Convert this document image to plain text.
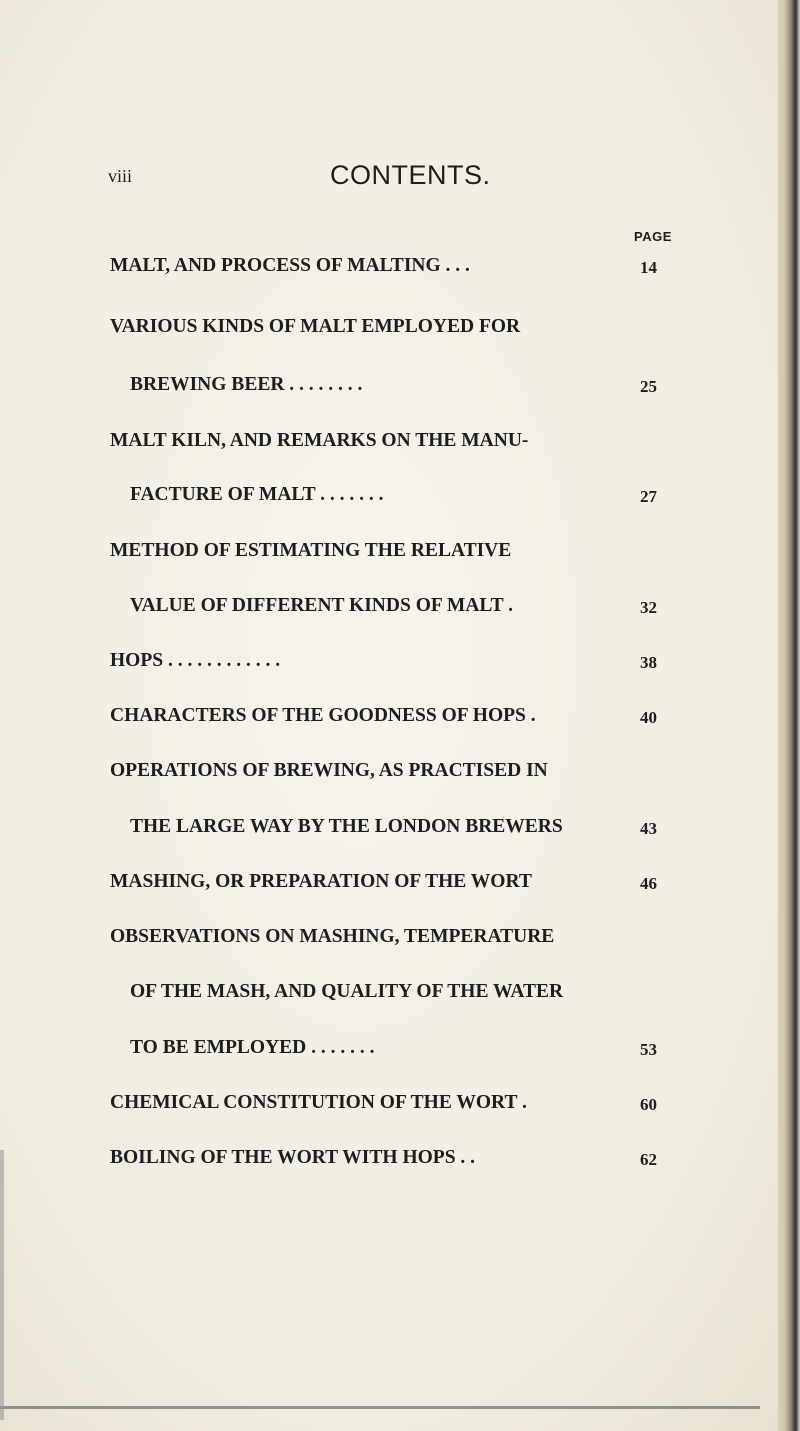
viii	CONTENTS.
PAGE
MALT, AND PROCESS OF MALTING . . .	14
VARIOUS KINDS OF MALT EMPLOYED FOR
BREWING BEER . . . . . . . .	25
MALT KILN, AND REMARKS ON THE MANU-
FACTURE OF MALT . . . . . . .	27
METHOD OF ESTIMATING THE RELATIVE
VALUE OF DIFFERENT KINDS OF MALT .	32
HOPS . . . . . . . . . . . .	38
CHARACTERS OF THE GOODNESS OF HOPS .	40
OPERATIONS OF BREWING, AS PRACTISED IN
THE LARGE WAY BY THE LONDON BREWERS	43
MASHING, OR PREPARATION OF THE WORT	46
OBSERVATIONS ON MASHING, TEMPERATURE
OF THE MASH, AND QUALITY OF THE WATER
TO BE EMPLOYED . . . . . . .	53
CHEMICAL CONSTITUTION OF THE WORT .	60
BOILING OF THE WORT WITH HOPS . .	62
